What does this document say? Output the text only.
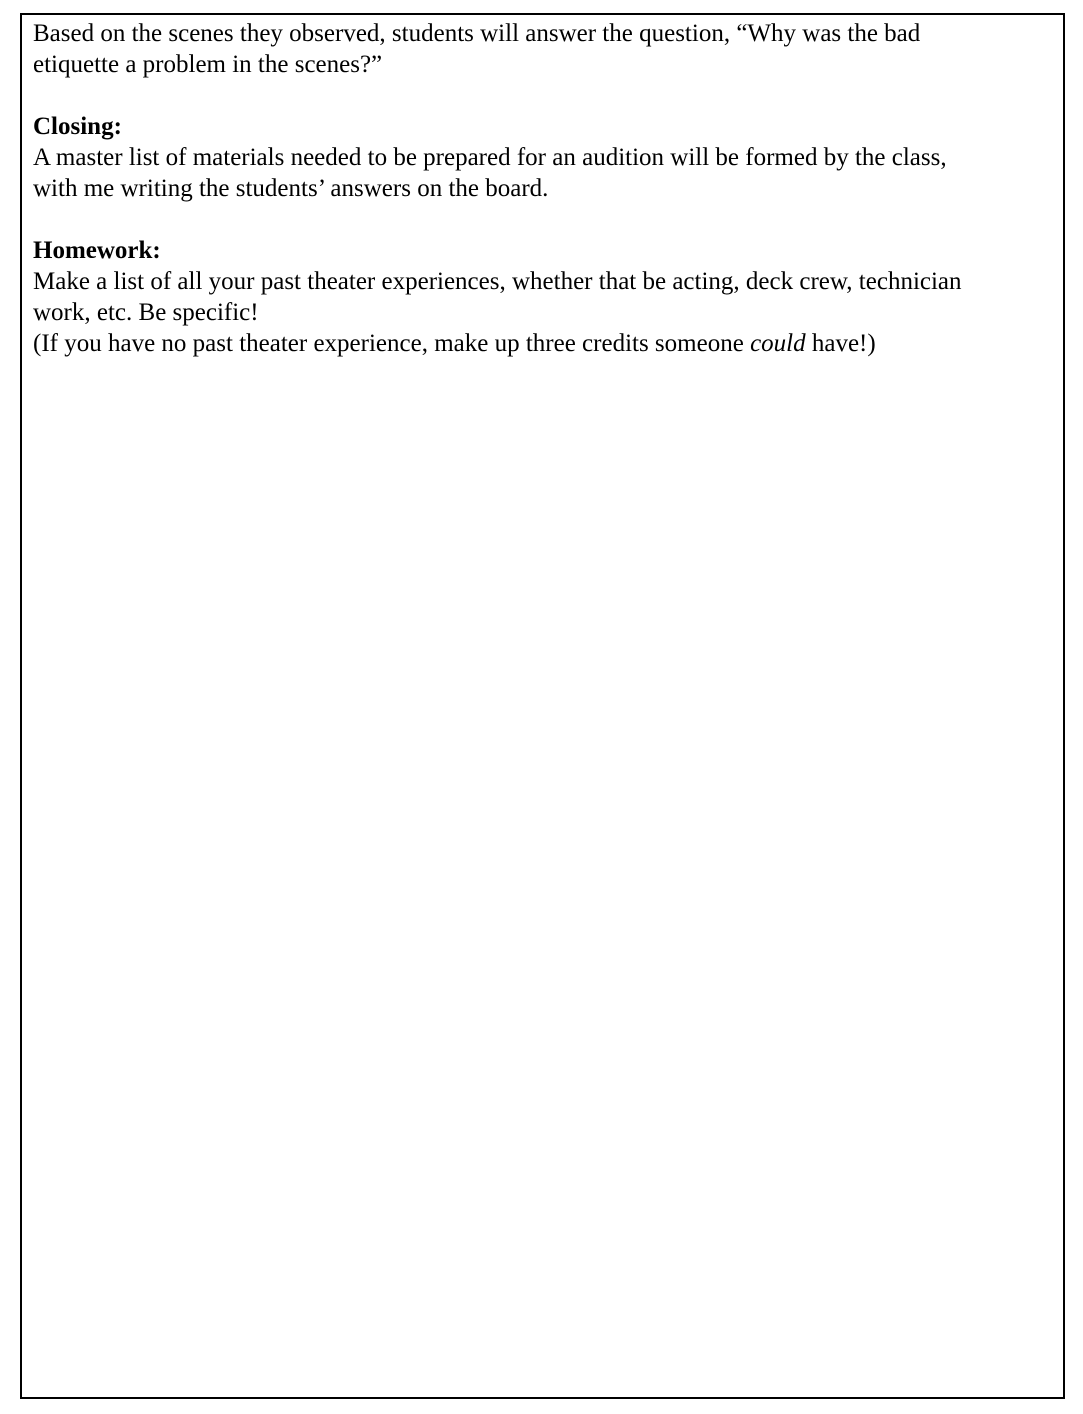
Based on the scenes they observed, students will answer the question, “Why was the bad
etiquette a problem in the scenes?”

Closing:
A master list of materials needed to be prepared for an audition will be formed by the class,
with me writing the students’ answers on the board.

Homework:
Make a list of all your past theater experiences, whether that be acting, deck crew, technician
work, etc. Be specific!
(If you have no past theater experience, make up three credits someone could have!)
